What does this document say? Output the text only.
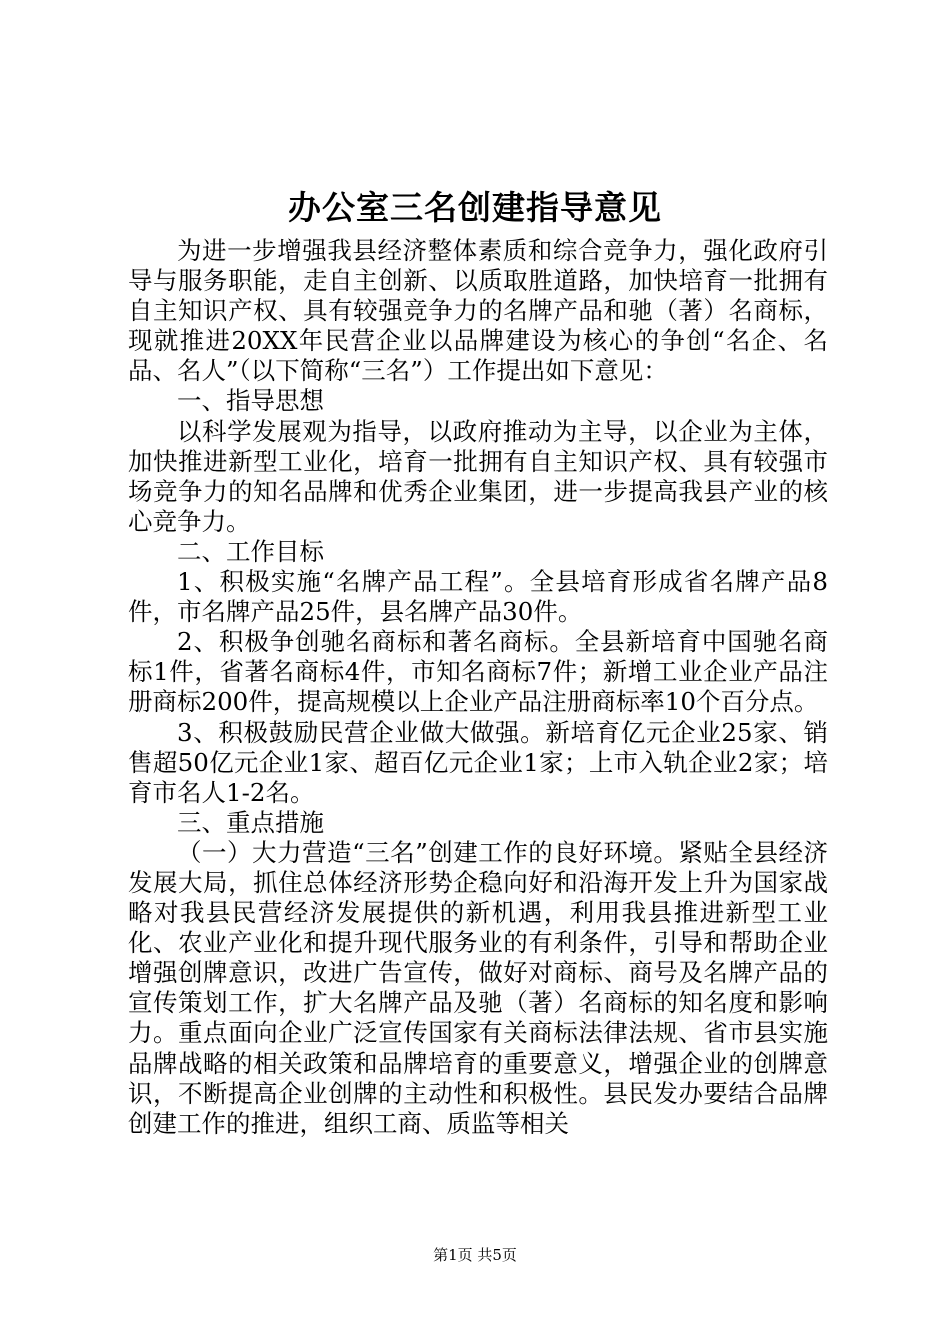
办公室三名创建指导意见

为进一步增强我县经济整体素质和综合竞争力，强化政府引导与服务职能，走自主创新、以质取胜道路，加快培育一批拥有自主知识产权、具有较强竞争力的名牌产品和驰（著）名商标，现就推进20XX年民营企业以品牌建设为核心的争创“名企、名品、名人”（以下简称“三名”）工作提出如下意见：

一、指导思想

以科学发展观为指导，以政府推动为主导，以企业为主体，加快推进新型工业化，培育一批拥有自主知识产权、具有较强市场竞争力的知名品牌和优秀企业集团，进一步提高我县产业的核心竞争力。

二、工作目标

1、积极实施“名牌产品工程”。全县培育形成省名牌产品8件，市名牌产品25件，县名牌产品30件。

2、积极争创驰名商标和著名商标。全县新培育中国驰名商标1件，省著名商标4件，市知名商标7件；新增工业企业产品注册商标200件，提高规模以上企业产品注册商标率10个百分点。

3、积极鼓励民营企业做大做强。新培育亿元企业25家、销售超50亿元企业1家、超百亿元企业1家；上市入轨企业2家；培育市名人1-2名。

三、重点措施

（一）大力营造“三名”创建工作的良好环境。紧贴全县经济发展大局，抓住总体经济形势企稳向好和沿海开发上升为国家战略对我县民营经济发展提供的新机遇，利用我县推进新型工业化、农业产业化和提升现代服务业的有利条件，引导和帮助企业增强创牌意识，改进广告宣传，做好对商标、商号及名牌产品的宣传策划工作，扩大名牌产品及驰（著）名商标的知名度和影响力。重点面向企业广泛宣传国家有关商标法律法规、省市县实施品牌战略的相关政策和品牌培育的重要意义，增强企业的创牌意识，不断提高企业创牌的主动性和积极性。县民发办要结合品牌创建工作的推进，组织工商、质监等相关

第1页 共5页
